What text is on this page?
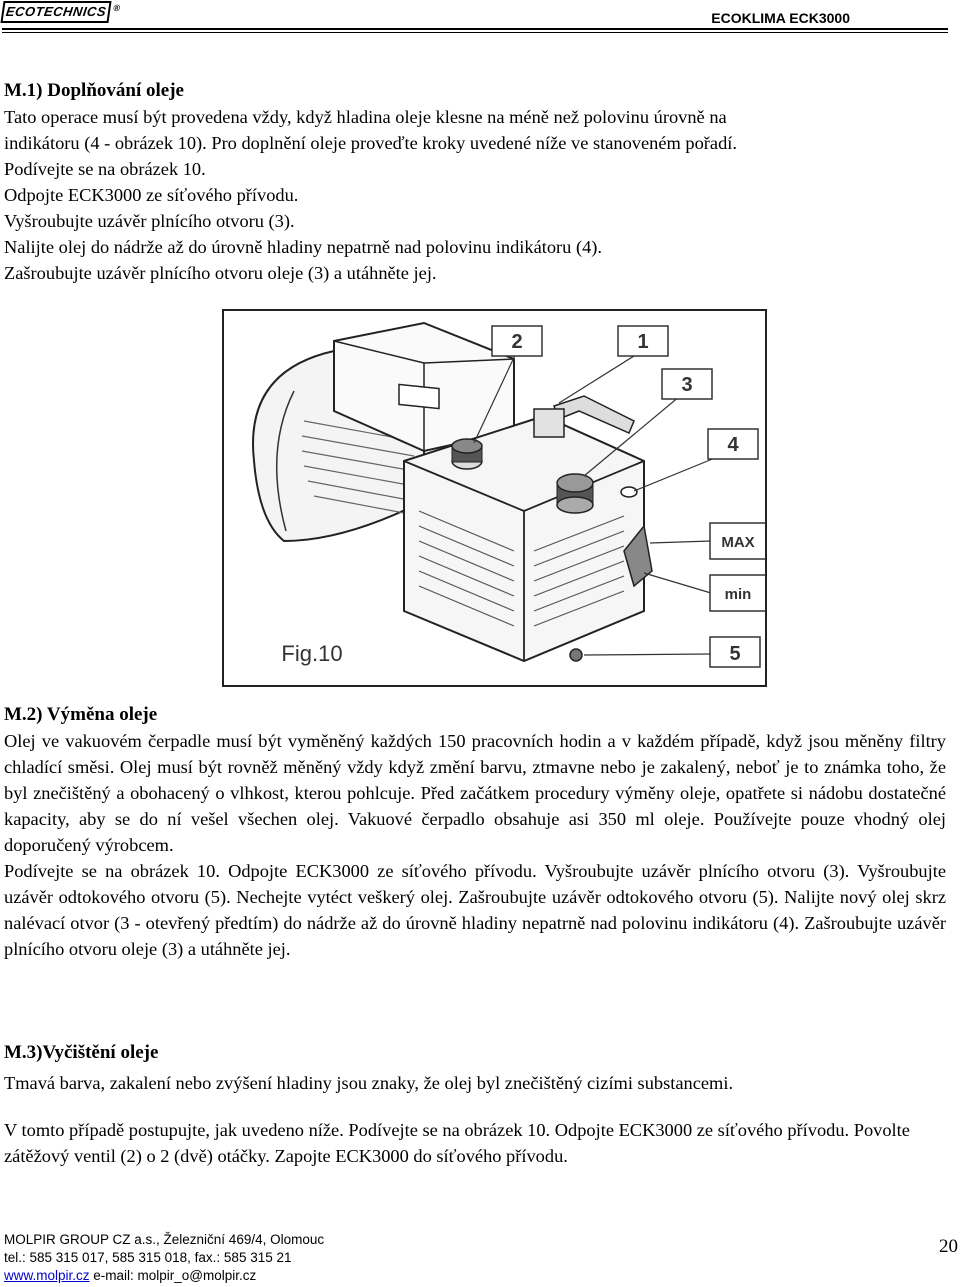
ECOTECHNICS ®	ECOKLIMA ECK3000
M.1) Doplňování oleje

Tato operace musí být provedena vždy, když hladina oleje klesne na méně než polovinu úrovně na

indikátoru (4 - obrázek 10). Pro doplnění oleje proveďte kroky uvedené níže ve stanoveném pořadí.

Podívejte se na obrázek 10.

Odpojte ECK3000 ze síťového přívodu.

Vyšroubujte uzávěr plnícího otvoru (3).

Nalijte olej do nádrže až do úrovně hladiny nepatrně nad polovinu indikátoru (4).

Zašroubujte uzávěr plnícího otvoru oleje (3) a utáhněte jej.

2	1
3
4
MAX
min
5
Fig.10
M.2) Výměna oleje

Olej ve vakuovém čerpadle musí být vyměněný každých 150 pracovních hodin a v každém případě, když jsou měněny filtry chladící směsi. Olej musí být rovněž měněný vždy když změní barvu, ztmavne nebo je zakalený, neboť je to známka toho, že byl znečištěný a obohacený o vlhkost, kterou pohlcuje. Před začátkem procedury výměny oleje, opatřete si nádobu dostatečné kapacity, aby se do ní vešel všechen olej. Vakuové čerpadlo obsahuje asi 350 ml oleje. Používejte pouze vhodný olej doporučený výrobcem.

Podívejte se na obrázek 10. Odpojte ECK3000 ze síťového přívodu. Vyšroubujte uzávěr plnícího otvoru (3). Vyšroubujte uzávěr odtokového otvoru (5). Nechejte vytéct veškerý olej. Zašroubujte uzávěr odtokového otvoru (5). Nalijte nový olej skrz nalévací otvor (3 - otevřený předtím) do nádrže až do úrovně hladiny nepatrně nad polovinu indikátoru (4). Zašroubujte uzávěr plnícího otvoru oleje (3) a utáhněte jej.

M.3)Vyčištění oleje

Tmavá barva, zakalení nebo zvýšení hladiny jsou znaky, že olej byl znečištěný cizími substancemi.

V tomto případě postupujte, jak uvedeno níže. Podívejte se na obrázek 10. Odpojte ECK3000 ze síťového přívodu. Povolte zátěžový ventil (2) o 2 (dvě) otáčky. Zapojte ECK3000 do síťového přívodu.

MOLPIR GROUP CZ a.s., Železniční 469/4, Olomouc
tel.: 585 315 017, 585 315 018, fax.: 585 315 21
www.molpir.cz e-mail: molpir_o@molpir.cz
20
